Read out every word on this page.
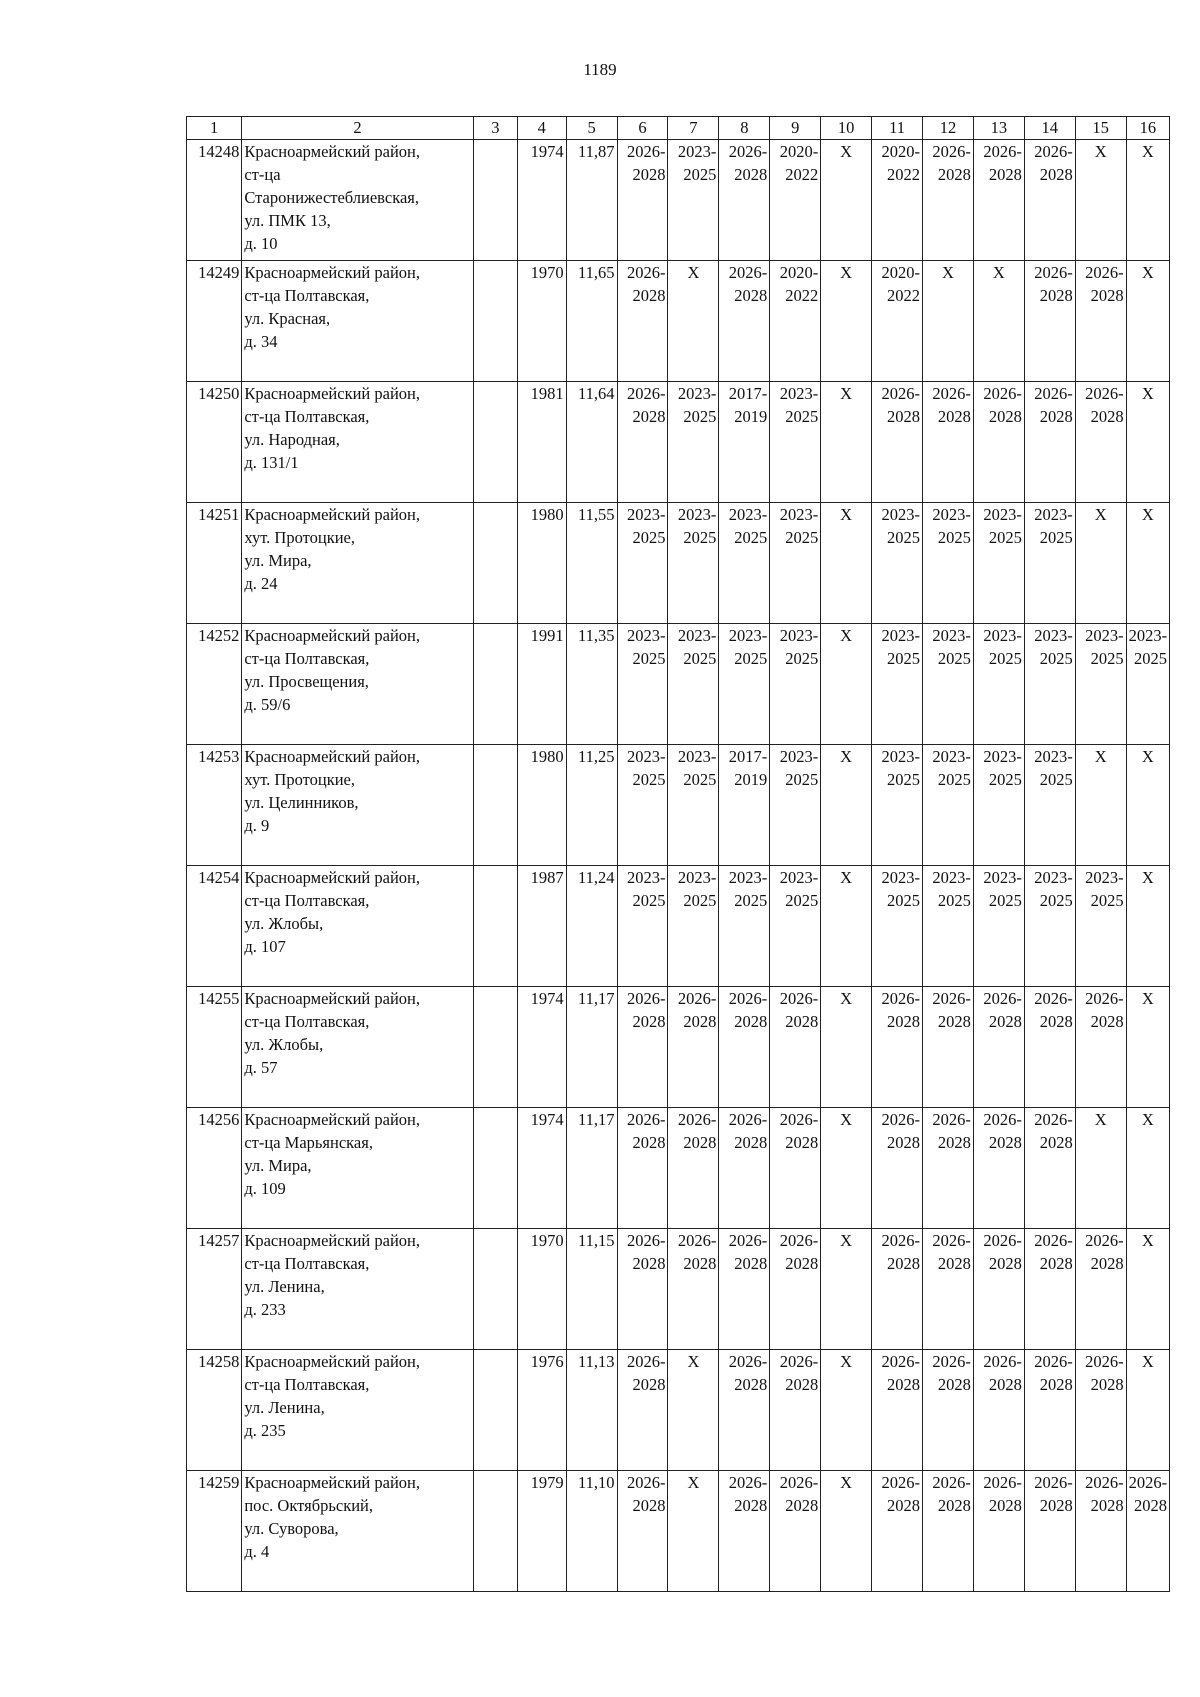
1189
1	2	3	4	5	6	7	8	9	10	11	12	13	14	15	16
14248	Красноармейский район,
ст-ца
Старонижестеблиевская,
ул. ПМК 13,
д. 10		1974	11,87	2026-
2028	2023-
2025	2026-
2028	2020-
2022	X	2020-
2022	2026-
2028	2026-
2028	2026-
2028	X	X
14249	Красноармейский район,
ст-ца Полтавская,
ул. Красная,
д. 34		1970	11,65	2026-
2028	X	2026-
2028	2020-
2022	X	2020-
2022	X	X	2026-
2028	2026-
2028	X
14250	Красноармейский район,
ст-ца Полтавская,
ул. Народная,
д. 131/1		1981	11,64	2026-
2028	2023-
2025	2017-
2019	2023-
2025	X	2026-
2028	2026-
2028	2026-
2028	2026-
2028	2026-
2028	X
14251	Красноармейский район,
хут. Протоцкие,
ул. Мира,
д. 24		1980	11,55	2023-
2025	2023-
2025	2023-
2025	2023-
2025	X	2023-
2025	2023-
2025	2023-
2025	2023-
2025	X	X
14252	Красноармейский район,
ст-ца Полтавская,
ул. Просвещения,
д. 59/6		1991	11,35	2023-
2025	2023-
2025	2023-
2025	2023-
2025	X	2023-
2025	2023-
2025	2023-
2025	2023-
2025	2023-
2025	2023-
2025

14253	Красноармейский район,
хут. Протоцкие,
ул. Целинников,
д. 9		1980	11,25	2023-
2025	2023-
2025	2017-
2019	2023-
2025	X	2023-
2025	2023-
2025	2023-
2025	2023-
2025	X	X
14254	Красноармейский район,
ст-ца Полтавская,
ул. Жлобы,
д. 107		1987	11,24	2023-
2025	2023-
2025	2023-
2025	2023-
2025	X	2023-
2025	2023-
2025	2023-
2025	2023-
2025	2023-
2025	X
14255	Красноармейский район,
ст-ца Полтавская,
ул. Жлобы,
д. 57		1974	11,17	2026-
2028	2026-
2028	2026-
2028	2026-
2028	X	2026-
2028	2026-
2028	2026-
2028	2026-
2028	2026-
2028	X
14256	Красноармейский район,
ст-ца Марьянская,
ул. Мира,
д. 109		1974	11,17	2026-
2028	2026-
2028	2026-
2028	2026-
2028	X	2026-
2028	2026-
2028	2026-
2028	2026-
2028	X	X
14257	Красноармейский район,
ст-ца Полтавская,
ул. Ленина,
д. 233		1970	11,15	2026-
2028	2026-
2028	2026-
2028	2026-
2028	X	2026-
2028	2026-
2028	2026-
2028	2026-
2028	2026-
2028	X
14258	Красноармейский район,
ст-ца Полтавская,
ул. Ленина,
д. 235		1976	11,13	2026-
2028	X	2026-
2028	2026-
2028	X	2026-
2028	2026-
2028	2026-
2028	2026-
2028	2026-
2028	X
14259	Красноармейский район,
пос. Октябрьский,
ул. Суворова,
д. 4		1979	11,10	2026-
2028	X	2026-
2028	2026-
2028	X	2026-
2028	2026-
2028	2026-
2028	2026-
2028	2026-
2028	2026-
2028
